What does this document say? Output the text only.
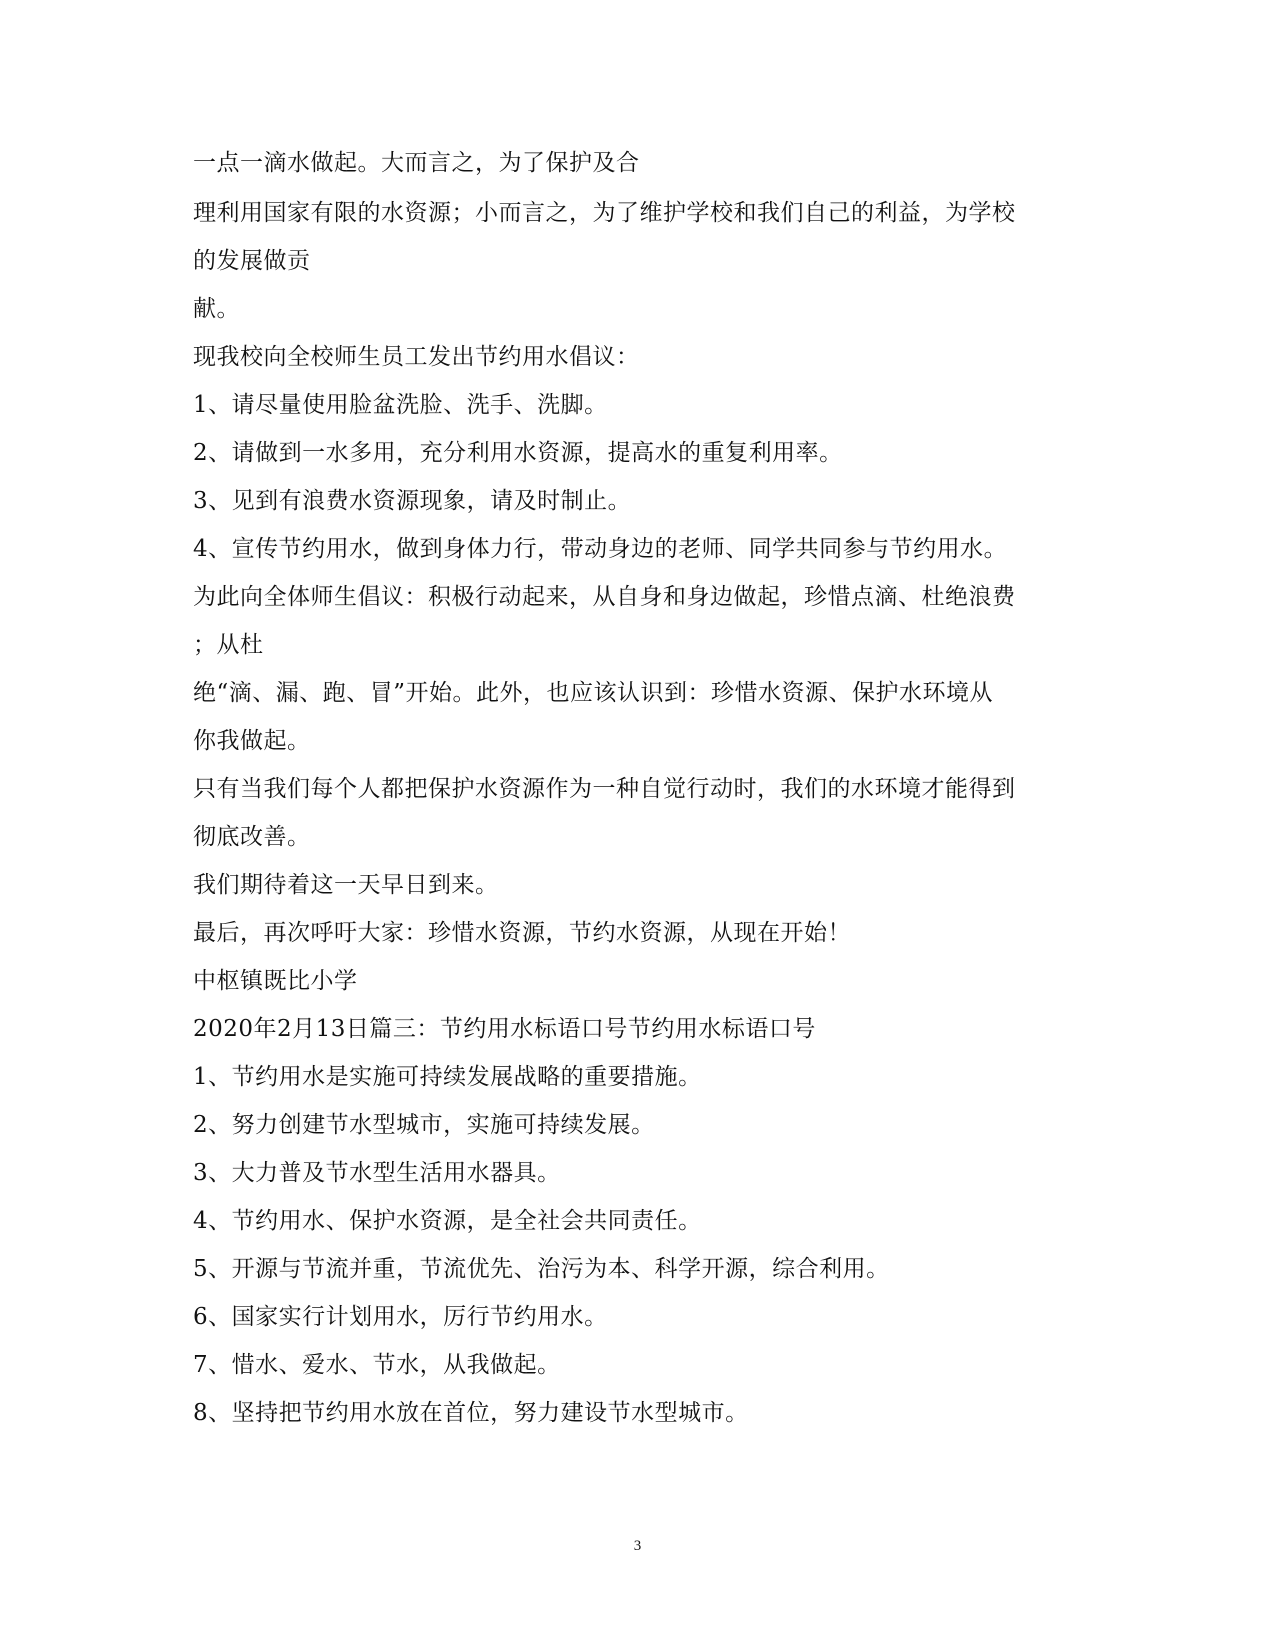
一点一滴水做起。大而言之，为了保护及合
理利用国家有限的水资源；小而言之，为了维护学校和我们自己的利益，为学校
的发展做贡
献。
现我校向全校师生员工发出节约用水倡议：
1、请尽量使用脸盆洗脸、洗手、洗脚。
2、请做到一水多用，充分利用水资源，提高水的重复利用率。
3、见到有浪费水资源现象，请及时制止。
4、宣传节约用水，做到身体力行，带动身边的老师、同学共同参与节约用水。
为此向全体师生倡议：积极行动起来，从自身和身边做起，珍惜点滴、杜绝浪费
；从杜
绝“滴、漏、跑、冒”开始。此外，也应该认识到：珍惜水资源、保护水环境从
你我做起。
只有当我们每个人都把保护水资源作为一种自觉行动时，我们的水环境才能得到
彻底改善。
我们期待着这一天早日到来。
最后，再次呼吁大家：珍惜水资源，节约水资源，从现在开始！
中枢镇既比小学
2020年2月13日篇三：节约用水标语口号节约用水标语口号
1、节约用水是实施可持续发展战略的重要措施。
2、努力创建节水型城市，实施可持续发展。
3、大力普及节水型生活用水器具。
4、节约用水、保护水资源，是全社会共同责任。
5、开源与节流并重，节流优先、治污为本、科学开源，综合利用。
6、国家实行计划用水，厉行节约用水。
7、惜水、爱水、节水，从我做起。
8、坚持把节约用水放在首位，努力建设节水型城市。
3
